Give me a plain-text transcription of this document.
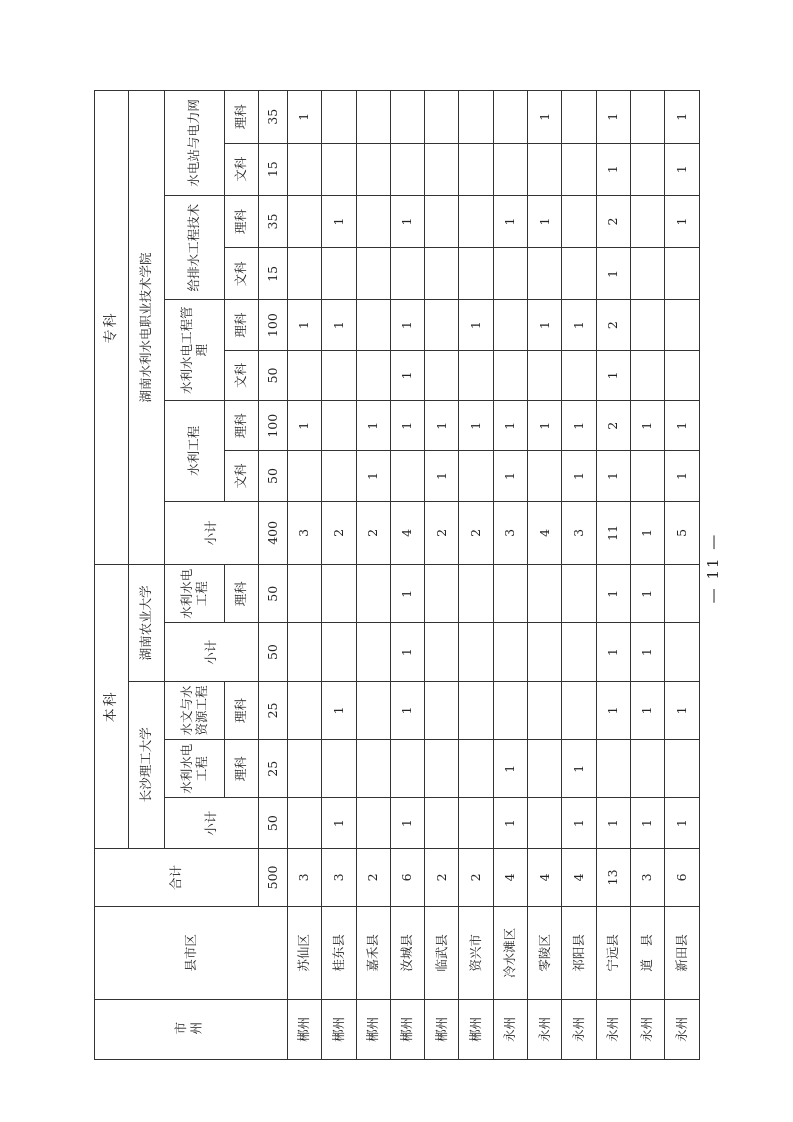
市州	县市区	合计	本科					专科								
			长沙理工大学			湖南农业大学		湖南水利水电职业技术学院								
			小计	水利水电工程	水文与水资源工程	小计	水利水电工程	小计	水利工程		水利水电工程管理		给排水工程技术		水电站与电力网	
				理科	理科		理科		文科	理科	文科	理科	文科	理科	文科	理科
		500	50	25	25	50	50	400	50	100	50	100	15	35	15	35
郴州	苏仙区	3						3		1		1				1
郴州	桂东县	3	1		1			2				1		1		
郴州	嘉禾县	2						2	1	1						
郴州	汝城县	6	1		1	1	1	4		1	1	1		1		
郴州	临武县	2						2	1	1						
郴州	资兴市	2						2		1		1				
永州	冷水滩区	4	1	1				3	1	1				1		
永州	零陵区	4						4		1		1		1		1
永州	祁阳县	4	1	1				3	1	1		1				
永州	宁远县	13	1		1	1	1	11	1	2	1	2	1	2	1	1
永州	道　县	3	1		1	1	1	1		1						
永州	新田县	6	1		1			5	1	1				1	1	1
— 11 —
